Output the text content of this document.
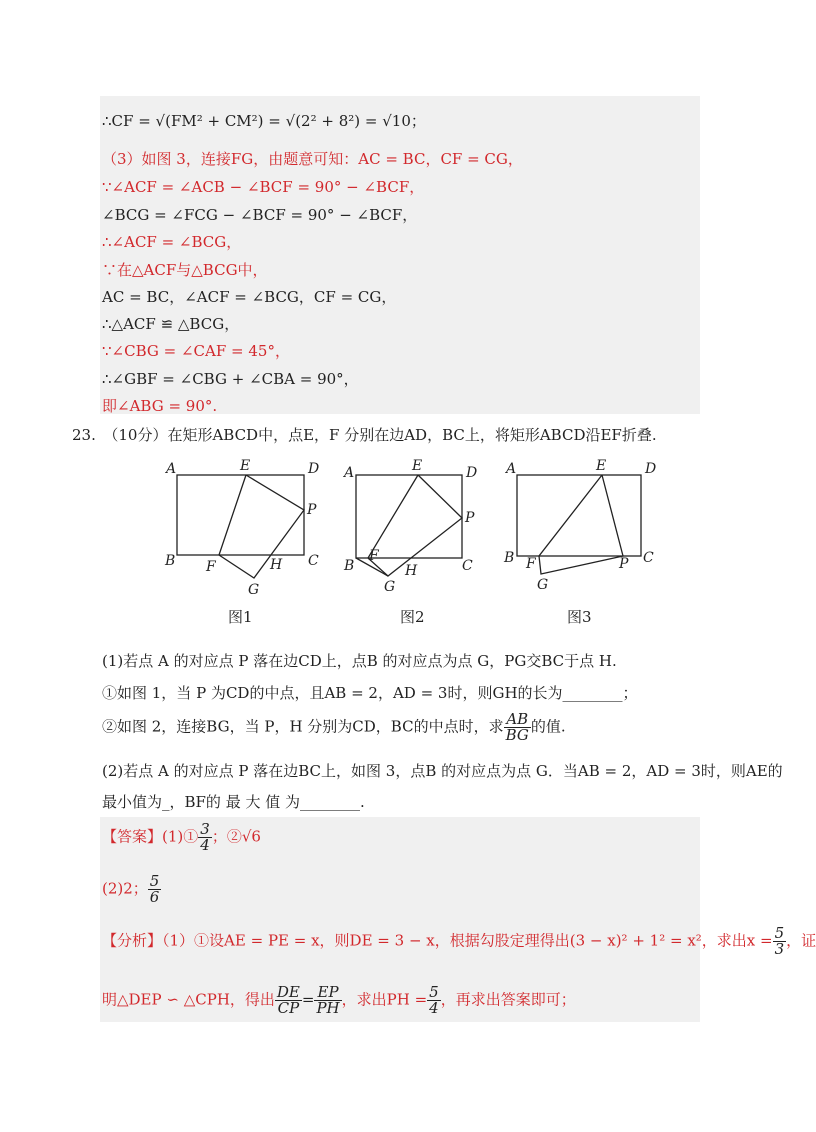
∴CF = √(FM² + CM²) = √(2² + 8²) = √10；
（3）如图 3，连接FG，由题意可知：AC = BC，CF = CG，
∵∠ACF = ∠ACB − ∠BCF = 90° − ∠BCF，
∠BCG = ∠FCG − ∠BCF = 90° − ∠BCF，
∴∠ACF = ∠BCG，
∵在△ACF与△BCG中，
AC = BC，∠ACF = ∠BCG，CF = CG，
∴△ACF ≌ △BCG，
∵∠CBG = ∠CAF = 45°，
∴∠GBF = ∠CBG + ∠CBA = 90°，
即∠ABG = 90°.
23.　（10分）在矩形ABCD中，点E，F 分别在边AD，BC上，将矩形ABCD沿EF折叠.
A	E	D
P
B F	H C
G
A	E	D
P
F
B	H	C
G
A	E	D
B F	P C
G
图1	图2	图3
(1)若点 A 的对应点 P 落在边CD上，点B 的对应点为点 G，PG交BC于点 H.
①如图 1，当 P 为CD的中点，且AB = 2，AD = 3时，则GH的长为________；
②如图 2，连接BG，当 P，H 分别为CD，BC的中点时，求 $\frac{AB}{BG}$ 的值.
(2)若点 A 的对应点 P 落在边BC上，如图 3，点B 的对应点为点 G．当AB = 2，AD = 3时，则AE的
最小值为_，BF的 最 大 值 为________.
【答案】(1)① $\frac{3}{4}$ ；②√6
(2)2； $\frac{5}{6}$
【分析】（1）①设AE = PE = x，则DE = 3 − x，根据勾股定理得出(3 − x)² + 1² = x²，求出$x = \frac{5}{3}$ ，证
明△DEP ∽ △CPH，得出 $\frac{DE}{CP} = \frac{EP}{PH}$ ，求出PH = $\frac{5}{4}$ ，再求出答案即可；
